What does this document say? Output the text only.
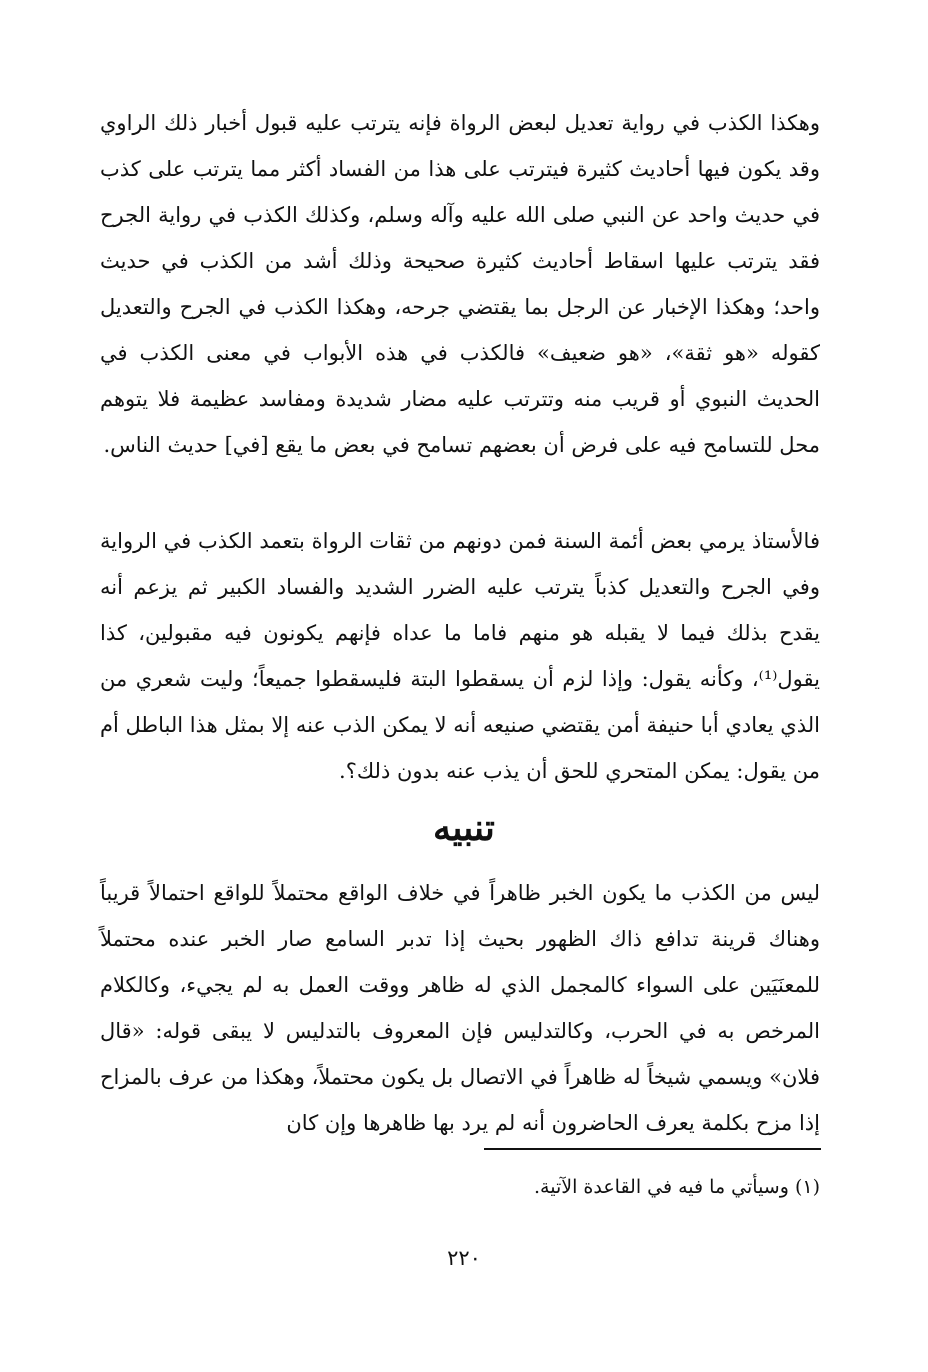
وهكذا الكذب في رواية تعديل لبعض الرواة فإنه يترتب عليه قبول أخبار ذلك الراوي وقد يكون فيها أحاديث كثيرة فيترتب على هذا من الفساد أكثر مما يترتب على كذب في حديث واحد عن النبي صلى الله عليه وآله وسلم، وكذلك الكذب في رواية الجرح فقد يترتب عليها اسقاط أحاديث كثيرة صحيحة وذلك أشد من الكذب في حديث واحد؛ وهكذا الإخبار عن الرجل بما يقتضي جرحه، وهكذا الكذب في الجرح والتعديل كقوله «هو ثقة»، «هو ضعيف» فالكذب في هذه الأبواب في معنى الكذب في الحديث النبوي أو قريب منه وتترتب عليه مضار شديدة ومفاسد عظيمة فلا يتوهم محل للتسامح فيه على فرض أن بعضهم تسامح في بعض ما يقع [في] حديث الناس.

فالأستاذ يرمي بعض أئمة السنة فمن دونهم من ثقات الرواة بتعمد الكذب في الرواية وفي الجرح والتعديل كذباً يترتب عليه الضرر الشديد والفساد الكبير ثم يزعم أنه يقدح بذلك فيما لا يقبله هو منهم فاما ما عداه فإنهم يكونون فيه مقبولين، كذا يقول⁽¹⁾، وكأنه يقول: وإذا لزم أن يسقطوا البتة فليسقطوا جميعاً؛ وليت شعري من الذي يعادي أبا حنيفة أمن يقتضي صنيعه أنه لا يمكن الذب عنه إلا بمثل هذا الباطل أم من يقول: يمكن المتحري للحق أن يذب عنه بدون ذلك؟.

تنبيه

ليس من الكذب ما يكون الخبر ظاهراً في خلاف الواقع محتملاً للواقع احتمالاً قريباً وهناك قرينة تدافع ذاك الظهور بحيث إذا تدبر السامع صار الخبر عنده محتملاً للمعنَيَين على السواء كالمجمل الذي له ظاهر ووقت العمل به لم يجيء، وكالكلام المرخص به في الحرب، وكالتدليس فإن المعروف بالتدليس لا يبقى قوله: «قال فلان» ويسمي شيخاً له ظاهراً في الاتصال بل يكون محتملاً، وهكذا من عرف بالمزاح إذا مزح بكلمة يعرف الحاضرون أنه لم يرد بها ظاهرها وإن كان

(١) وسيأتي ما فيه في القاعدة الآتية.

٢٢٠
